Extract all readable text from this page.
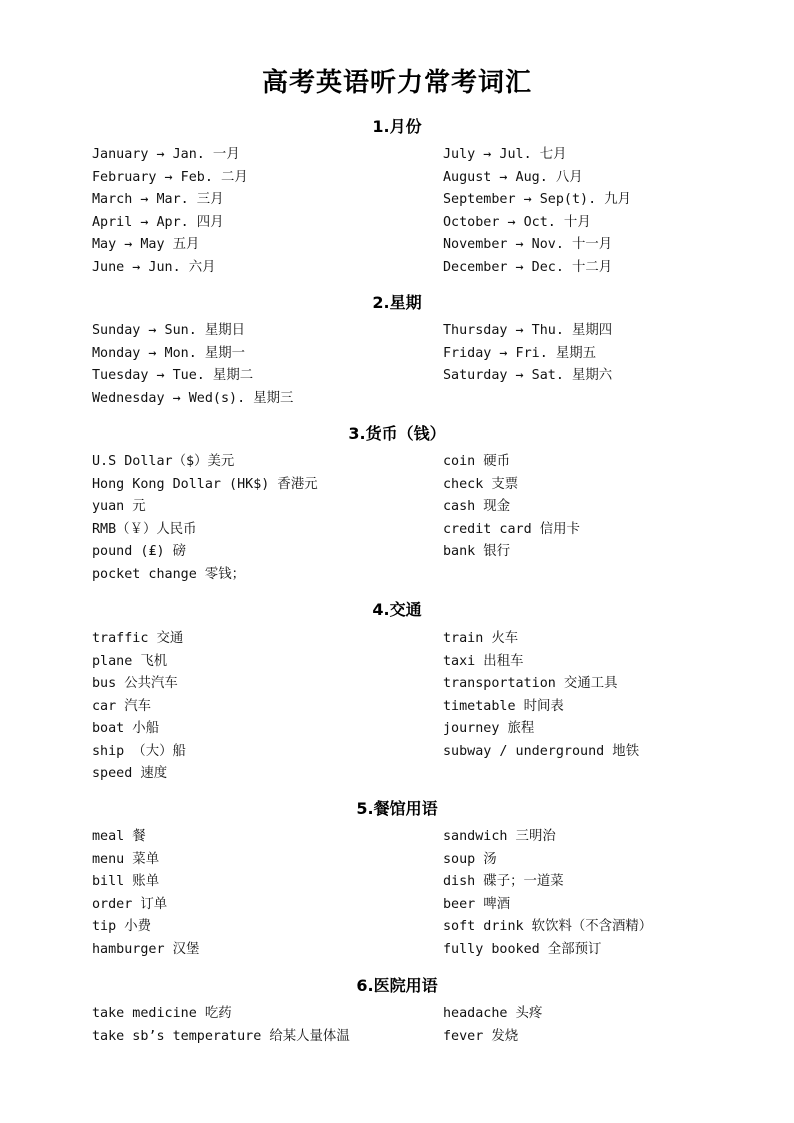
高考英语听力常考词汇
1.月份
January → Jan. 一月
February → Feb. 二月
March → Mar. 三月
April → Apr. 四月
May → May 五月
June → Jun. 六月
July → Jul. 七月
August → Aug. 八月
September → Sep(t). 九月
October → Oct. 十月
November → Nov. 十一月
December → Dec. 十二月
2.星期
Sunday → Sun. 星期日
Monday → Mon. 星期一
Tuesday → Tue. 星期二
Wednesday → Wed(s). 星期三
Thursday → Thu. 星期四
Friday → Fri. 星期五
Saturday → Sat. 星期六
3.货币（钱）
U.S Dollar（$）美元
Hong Kong Dollar (HK$) 香港元
yuan 元
RMB（￥）人民币
pound (₤) 磅
pocket change 零钱；
coin 硬币
check 支票
cash 现金
credit card 信用卡
bank 银行
4.交通
traffic 交通
plane 飞机
bus 公共汽车
car 汽车
boat 小船
ship （大）船
speed 速度
train 火车
taxi 出租车
transportation 交通工具
timetable 时间表
journey 旅程
subway / underground 地铁
5.餐馆用语
meal 餐
menu 菜单
bill 账单
order 订单
tip 小费
hamburger 汉堡
sandwich 三明治
soup 汤
dish 碟子；一道菜
beer 啤酒
soft drink 软饮料（不含酒精）
fully booked 全部预订
6.医院用语
take medicine 吃药
take sb’s temperature 给某人量体温
headache 头疼
fever 发烧
